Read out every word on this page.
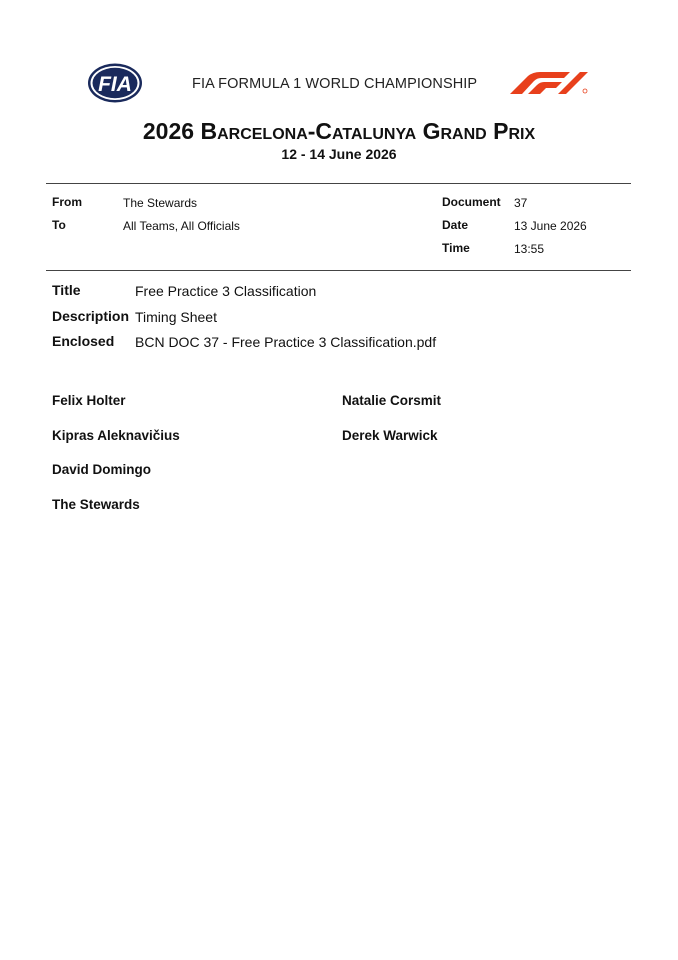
FIA	FIA FORMULA 1 WORLD CHAMPIONSHIP
2026 Barcelona-Catalunya Grand Prix
12 - 14 June 2026
From	The Stewards
To	All Teams, All Officials
Document 37
Date	13 June 2026
Time	13:55
Title	Free Practice 3 Classification
Description Timing Sheet
Enclosed BCN DOC 37 - Free Practice 3 Classification.pdf
Felix Holter
Kipras Aleknavičius
David Domingo
The Stewards
Natalie Corsmit
Derek Warwick
